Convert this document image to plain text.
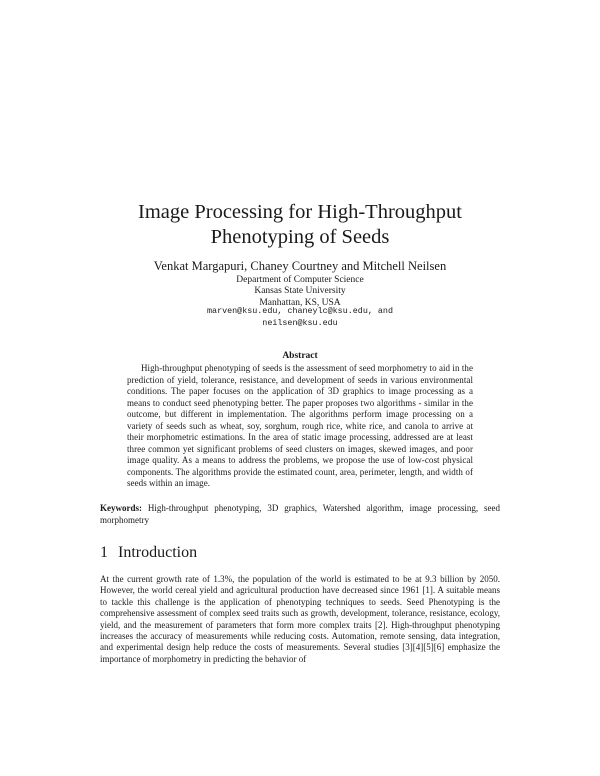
Image Processing for High-Throughput
Phenotyping of Seeds
Venkat Margapuri, Chaney Courtney and Mitchell Neilsen
Department of Computer Science
Kansas State University
Manhattan, KS, USA
marven@ksu.edu, chaneylc@ksu.edu, and
neilsen@ksu.edu
Abstract
High-throughput phenotyping of seeds is the assessment of seed morphometry to aid in the prediction of yield, tolerance, resistance, and development of seeds in various environmental conditions. The paper focuses on the application of 3D graphics to image processing as a means to conduct seed phenotyping better. The paper proposes two algorithms - similar in the outcome, but different in implementation. The algorithms perform image processing on a variety of seeds such as wheat, soy, sorghum, rough rice, white rice, and canola to arrive at their morphometric estimations. In the area of static image processing, addressed are at least three common yet significant problems of seed clusters on images, skewed images, and poor image quality. As a means to address the problems, we propose the use of low-cost physical components. The algorithms provide the estimated count, area, perimeter, length, and width of seeds within an image.
Keywords: High-throughput phenotyping, 3D graphics, Watershed algorithm, image processing, seed morphometry
1 Introduction
At the current growth rate of 1.3%, the population of the world is estimated to be at 9.3 billion by 2050. However, the world cereal yield and agricultural production have decreased since 1961 [1]. A suitable means to tackle this challenge is the application of phenotyping techniques to seeds. Seed Phenotyping is the comprehensive assessment of complex seed traits such as growth, development, tolerance, resistance, ecology, yield, and the measurement of parameters that form more complex traits [2]. High-throughput phenotyping increases the accuracy of measurements while reducing costs. Automation, remote sensing, data integration, and experimental design help reduce the costs of measurements. Several studies [3][4][5][6] emphasize the importance of morphometry in predicting the behavior of
